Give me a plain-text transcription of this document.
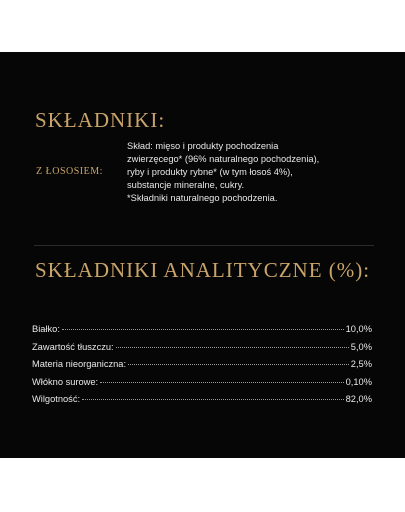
SKŁADNIKI:
Z ŁOSOSIEM:
Skład: mięso i produkty pochodzenia
zwierzęcego* (96% naturalnego pochodzenia),
ryby i produkty rybne* (w tym łosoś 4%),
substancje mineralne, cukry.
*Składniki naturalnego pochodzenia.
SKŁADNIKI ANALITYCZNE (%):
Białko:	10,0%
Zawartość tłuszczu:	5,0%
Materia nieorganiczna:	2,5%
Włókno surowe:	0,10%
Wilgotność:	82,0%
